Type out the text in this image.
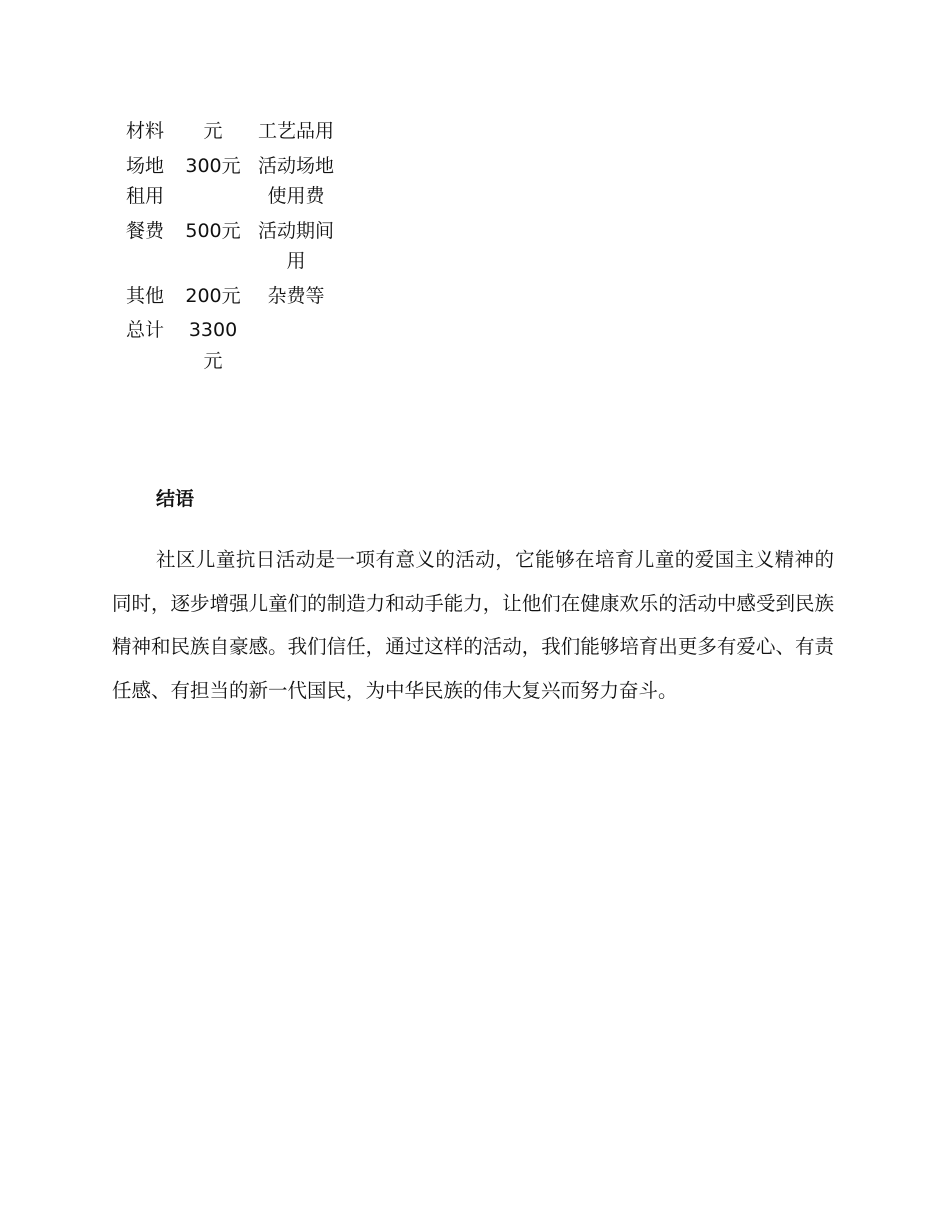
材料	元	工艺品用
场地租用	300元	活动场地使用费
餐费	500元	活动期间用
其他	200元	杂费等
总计	3300元	
结语

社区儿童抗日活动是一项有意义的活动，它能够在培育儿童的爱国主义精神的同时，逐步增强儿童们的制造力和动手能力，让他们在健康欢乐的活动中感受到民族精神和民族自豪感。我们信任，通过这样的活动，我们能够培育出更多有爱心、有责任感、有担当的新一代国民，为中华民族的伟大复兴而努力奋斗。
